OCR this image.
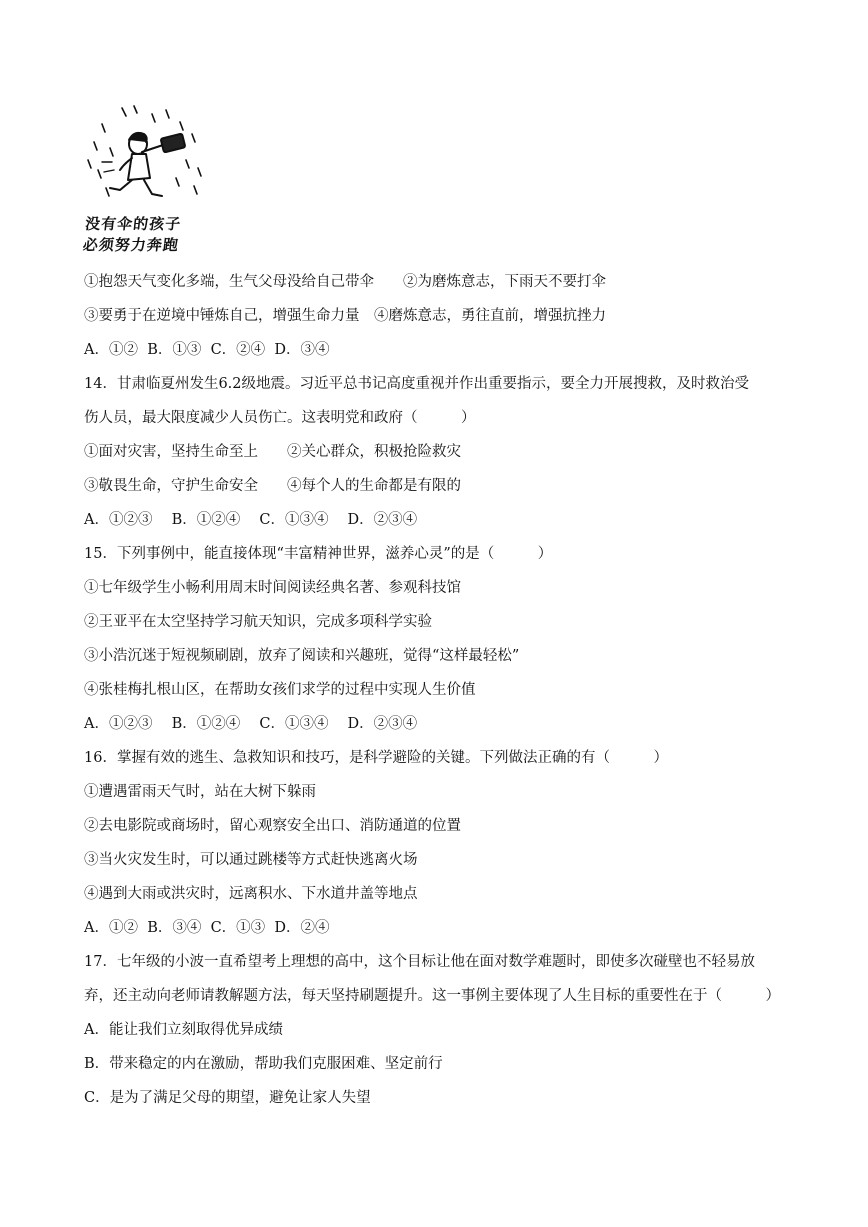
没有伞的孩子
必须努力奔跑
①抱怨天气变化多端，生气父母没给自己带伞　　②为磨炼意志，下雨天不要打伞
③要勇于在逆境中锤炼自己，增强生命力量　④磨炼意志，勇往直前，增强抗挫力
A．①②  B．①③  C．②④  D．③④
14．甘肃临夏州发生6.2级地震。习近平总书记高度重视并作出重要指示，要全力开展搜救，及时救治受
伤人员，最大限度减少人员伤亡。这表明党和政府（　　　）
①面对灾害，坚持生命至上　　②关心群众，积极抢险救灾
③敬畏生命，守护生命安全　　④每个人的生命都是有限的
A．①②③　 B．①②④　 C．①③④　 D．②③④
15．下列事例中，能直接体现“丰富精神世界，滋养心灵”的是（　　　）
①七年级学生小畅利用周末时间阅读经典名著、参观科技馆
②王亚平在太空坚持学习航天知识，完成多项科学实验
③小浩沉迷于短视频刷剧，放弃了阅读和兴趣班，觉得“这样最轻松”
④张桂梅扎根山区，在帮助女孩们求学的过程中实现人生价值
A．①②③　 B．①②④　 C．①③④　 D．②③④
16．掌握有效的逃生、急救知识和技巧，是科学避险的关键。下列做法正确的有（　　　）
①遭遇雷雨天气时，站在大树下躲雨
②去电影院或商场时，留心观察安全出口、消防通道的位置
③当火灾发生时，可以通过跳楼等方式赶快逃离火场
④遇到大雨或洪灾时，远离积水、下水道井盖等地点
A．①②  B．③④  C．①③  D．②④
17．七年级的小波一直希望考上理想的高中，这个目标让他在面对数学难题时，即使多次碰壁也不轻易放
弃，还主动向老师请教解题方法，每天坚持刷题提升。这一事例主要体现了人生目标的重要性在于（　　　）
A．能让我们立刻取得优异成绩
B．带来稳定的内在激励，帮助我们克服困难、坚定前行
C．是为了满足父母的期望，避免让家人失望
